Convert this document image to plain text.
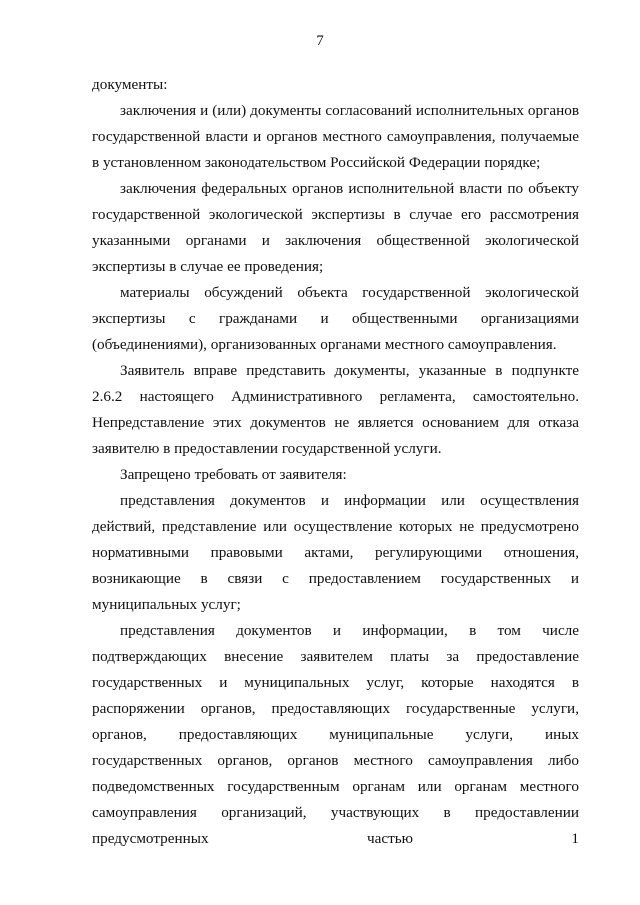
7

документы:

заключения и (или) документы согласований исполнительных органов государственной власти и органов местного самоуправления, получаемые в установленном законодательством Российской Федерации порядке;

заключения федеральных органов исполнительной власти по объекту государственной экологической экспертизы в случае его рассмотрения указанными органами и заключения общественной экологической экспертизы в случае ее проведения;

материалы обсуждений объекта государственной экологической экспертизы с гражданами и общественными организациями (объединениями), организованных органами местного самоуправления.

Заявитель вправе представить документы, указанные в подпункте 2.6.2 настоящего Административного регламента, самостоятельно. Непредставление этих документов не является основанием для отказа заявителю в предоставлении государственной услуги.

Запрещено требовать от заявителя:

представления документов и информации или осуществления действий, представление или осуществление которых не предусмотрено нормативными правовыми актами, регулирующими отношения, возникающие в связи с предоставлением государственных и муниципальных услуг;

представления документов и информации, в том числе подтверждающих внесение заявителем платы за предоставление государственных и муниципальных услуг, которые находятся в распоряжении органов, предоставляющих государственные услуги, органов, предоставляющих муниципальные услуги, иных государственных органов, органов местного самоуправления либо подведомственных государственным органам или органам местного самоуправления организаций, участвующих в предоставлении предусмотренных частью 1
